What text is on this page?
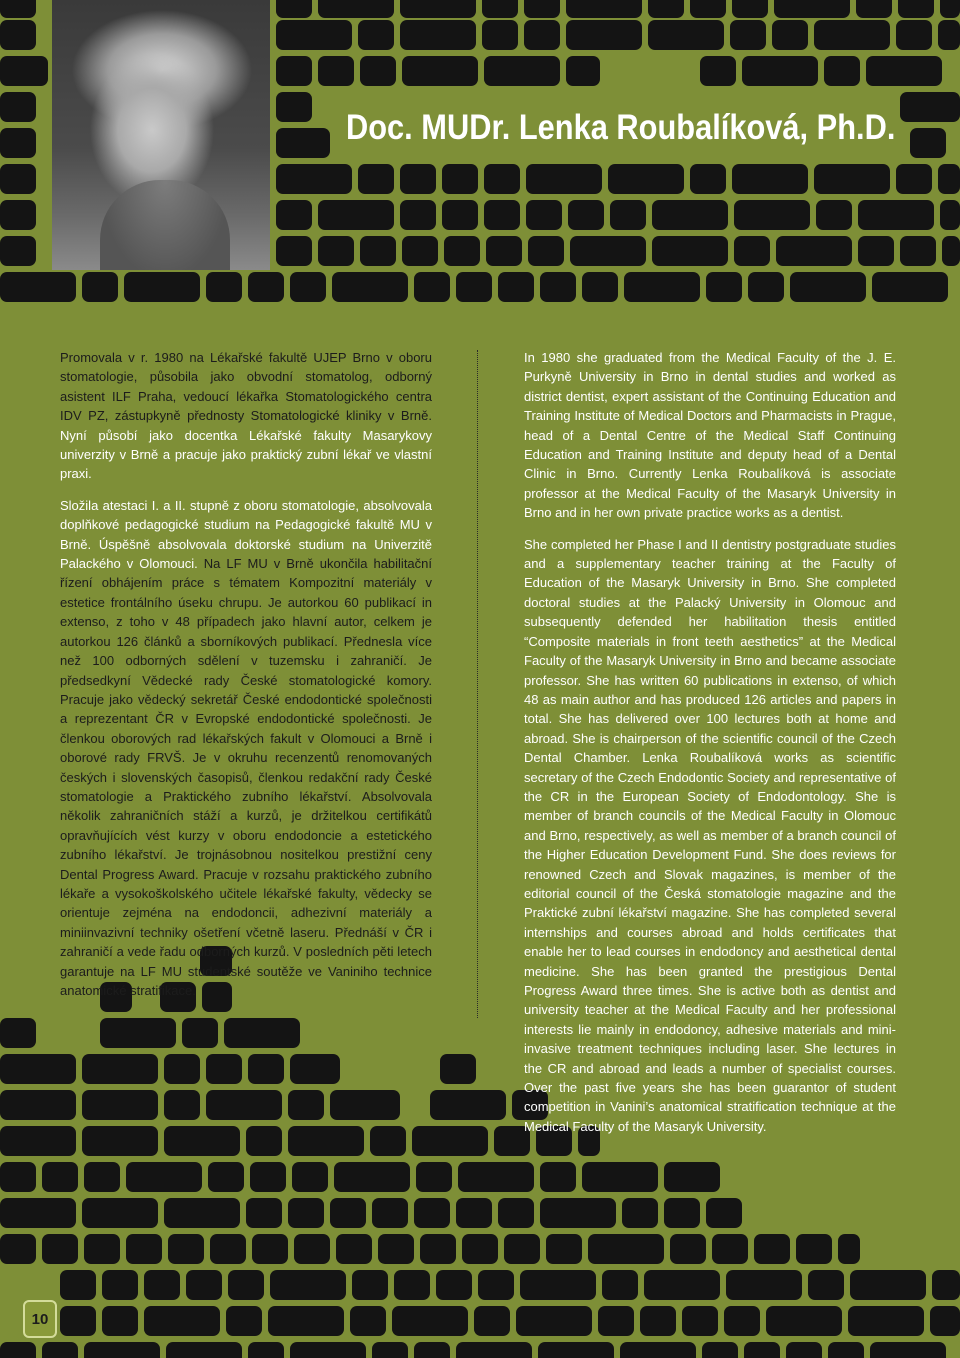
Doc. MUDr. Lenka Roubalíková, Ph.D.

Promovala v r. 1980 na Lékařské fakultě UJEP Brno v oboru stomatologie, působila jako obvodní stomatolog, odborný asistent ILF Praha, vedoucí lékařka Stomatologického centra IDV PZ, zástupkyně přednosty Stomatologické kliniky v Brně. Nyní působí jako docentka Lékařské fakulty Masarykovy univerzity v Brně a pracuje jako praktický zubní lékař ve vlastní praxi.

Složila atestaci I. a II. stupně z oboru stomatologie, absolvovala doplňkové pedagogické studium na Pedagogické fakultě MU v Brně. Úspěšně absolvovala doktorské studium na Univerzitě Palackého v Olomouci. Na LF MU v Brně ukončila habilitační řízení obhájením práce s tématem Kompozitní materiály v estetice frontálního úseku chrupu. Je autorkou 60 publikací in extenso, z toho v 48 případech jako hlavní autor, celkem je autorkou 126 článků a sborníkových publikací. Přednesla více než 100 odborných sdělení v tuzemsku i zahraničí. Je předsedkyní Vědecké rady České stomatologické komory. Pracuje jako vědecký sekretář České endodontické společnosti a reprezentant ČR v Evropské endodontické společnosti. Je členkou oborových rad lékařských fakult v Olomouci a Brně i oborové rady FRVŠ. Je v okruhu recenzentů renomovaných českých i slovenských časopisů, členkou redakční rady České stomatologie a Praktického zubního lékařství. Absolvovala několik zahraničních stáží a kurzů, je držitelkou certifikátů opravňujících vést kurzy v oboru endodoncie a estetického zubního lékařství. Je trojnásobnou nositelkou prestižní ceny Dental Progress Award. Pracuje v rozsahu praktického zubního lékaře a vysokoškolského učitele lékařské fakulty, vědecky se orientuje zejména na endodoncii, adhezivní materiály a miniinvazivní techniky ošetření včetně laseru. Přednáší v ČR i zahraničí a vede řadu odborných kurzů. V posledních pěti letech garantuje na LF MU studentské soutěže ve Vaniniho technice anatomické stratifikace.

In 1980 she graduated from the Medical Faculty of the J. E. Purkyně University in Brno in dental studies and worked as district dentist, expert assistant of the Continuing Education and Training Institute of Medical Doctors and Pharmacists in Prague, head of a Dental Centre of the Medical Staff Continuing Education and Training Institute and deputy head of a Dental Clinic in Brno. Currently Lenka Roubalíková is associate professor at the Medical Faculty of the Masaryk University in Brno and in her own private practice works as a dentist.

She completed her Phase I and II dentistry postgraduate studies and a supplementary teacher training at the Faculty of Education of the Masaryk University in Brno. She completed doctoral studies at the Palacký University in Olomouc and subsequently defended her habilitation thesis entitled “Composite materials in front teeth aesthetics” at the Medical Faculty of the Masaryk University in Brno and became associate professor. She has written 60 publications in extenso, of which 48 as main author and has produced 126 articles and papers in total. She has delivered over 100 lectures both at home and abroad. She is chairperson of the scientific council of the Czech Dental Chamber. Lenka Roubalíková works as scientific secretary of the Czech Endodontic Society and representative of the CR in the European Society of Endodontology. She is member of branch councils of the Medical Faculty in Olomouc and Brno, respectively, as well as member of a branch council of the Higher Education Development Fund. She does reviews for renowned Czech and Slovak magazines, is member of the editorial council of the Česká stomatologie magazine and the Praktické zubní lékařství magazine. She has completed several internships and courses abroad and holds certificates that enable her to lead courses in endodoncy and aesthetical dental medicine. She has been granted the prestigious Dental Progress Award three times. She is active both as dentist and university teacher at the Medical Faculty and her professional interests lie mainly in endodoncy, adhesive materials and mini-invasive treatment techniques including laser. She lectures in the CR and abroad and leads a number of specialist courses. Over the past five years she has been guarantor of student competition in Vanini’s anatomical stratification technique at the Medical Faculty of the Masaryk University.

10
